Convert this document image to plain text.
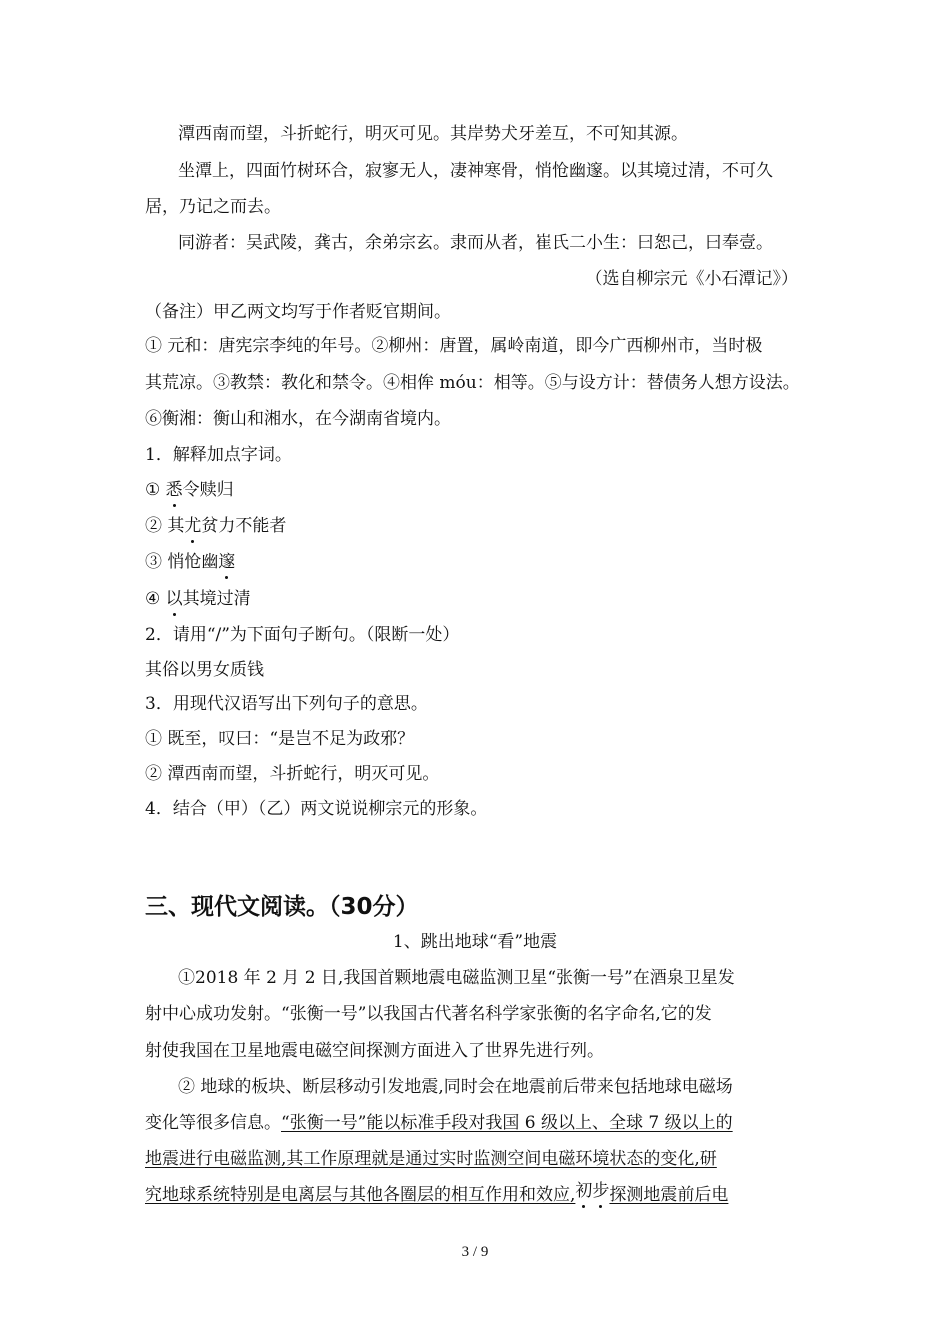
潭西南而望，斗折蛇行，明灭可见。其岸势犬牙差互，不可知其源。
坐潭上，四面竹树环合，寂寥无人，凄神寒骨，悄怆幽邃。以其境过清，不可久
居，乃记之而去。
同游者：吴武陵，龚古，余弟宗玄。隶而从者，崔氏二小生：曰恕己，曰奉壹。
（选自柳宗元《小石潭记》）
（备注）甲乙两文均写于作者贬官期间。
① 元和：唐宪宗李纯的年号。②柳州：唐置，属岭南道，即今广西柳州市，当时极
其荒凉。③教禁：教化和禁令。④相侔 móu：相等。⑤与设方计：替债务人想方设法。
⑥衡湘：衡山和湘水，在今湖南省境内。
1．解释加点字词。
① 悉令赎归
② 其尤贫力不能者
③ 悄怆幽邃
④ 以其境过清
2．请用“/”为下面句子断句。（限断一处）
其俗以男女质钱
3．用现代汉语写出下列句子的意思。
① 既至，叹曰：“是岂不足为政邪？
② 潭西南而望，斗折蛇行，明灭可见。
4．结合（甲）（乙）两文说说柳宗元的形象。
三、现代文阅读。（30分）
1、跳出地球“看”地震
①2018 年 2 月 2 日,我国首颗地震电磁监测卫星“张衡一号”在酒泉卫星发
射中心成功发射。“张衡一号”以我国古代著名科学家张衡的名字命名,它的发
射使我国在卫星地震电磁空间探测方面进入了世界先进行列。
② 地球的板块、断层移动引发地震,同时会在地震前后带来包括地球电磁场
变化等很多信息。“张衡一号”能以标准手段对我国 6 级以上、全球 7 级以上的
地震进行电磁监测,其工作原理就是通过实时监测空间电磁环境状态的变化,研
究地球系统特别是电离层与其他各圈层的相互作用和效应,初步探测地震前后电
3 / 9
